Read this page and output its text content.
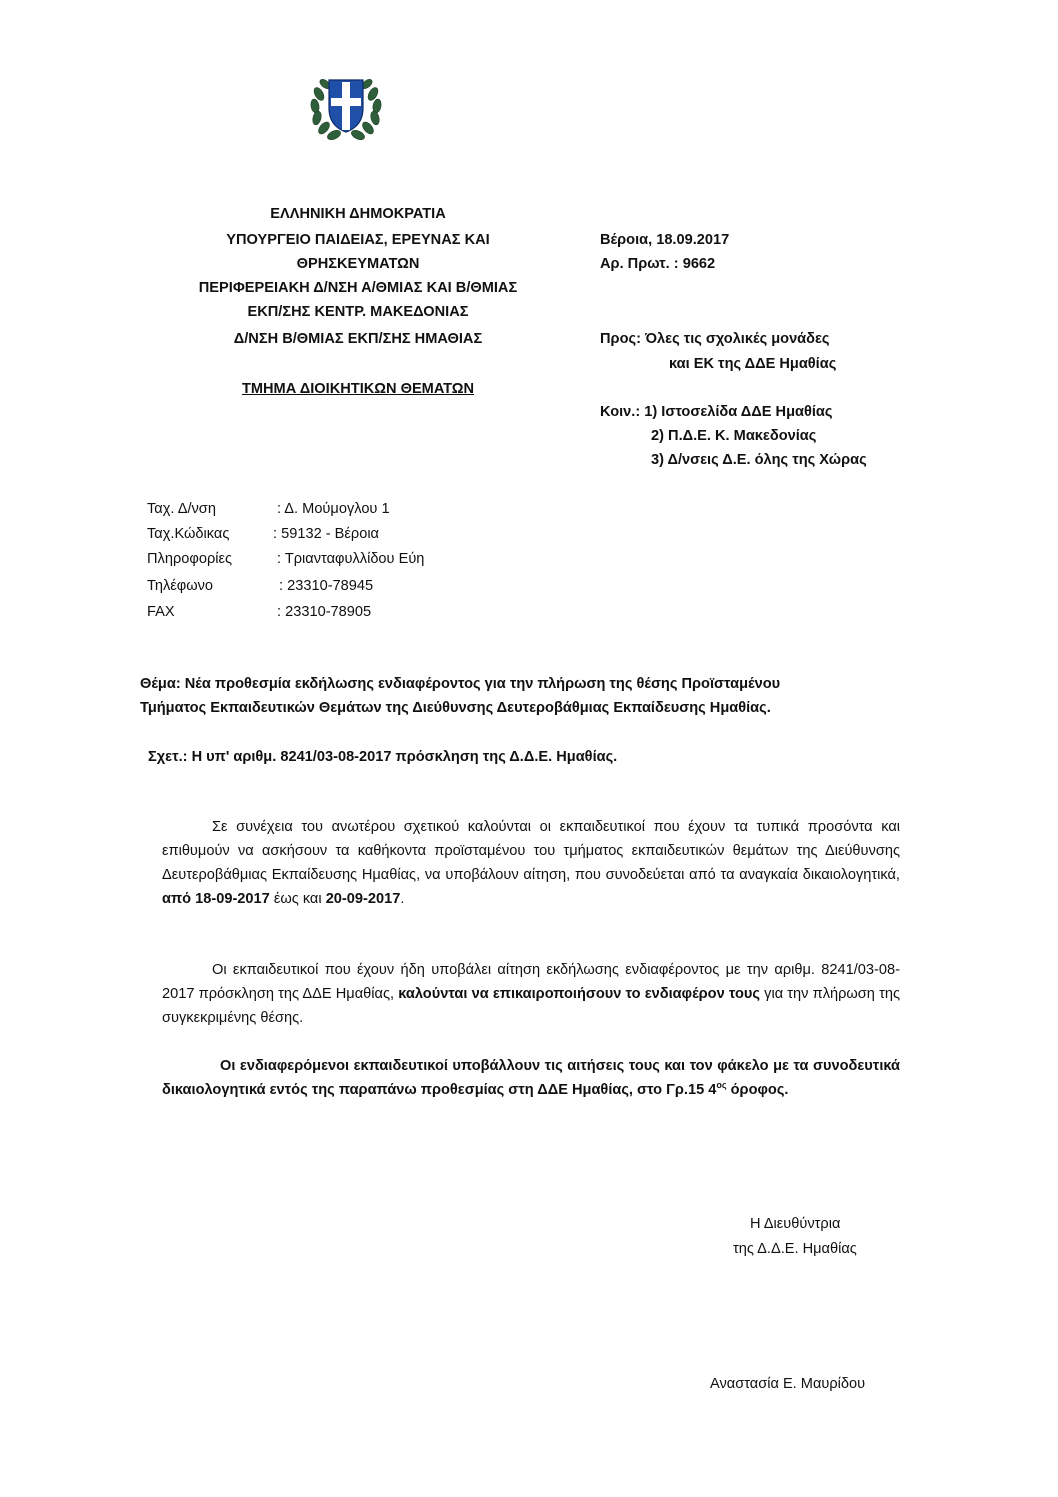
ΕΛΛΗΝΙΚΗ ΔΗΜΟΚΡΑΤΙΑ
ΥΠΟΥΡΓΕΙΟ ΠΑΙΔΕΙΑΣ, ΕΡΕΥΝΑΣ ΚΑΙ
ΘΡΗΣΚΕΥΜΑΤΩΝ
ΠΕΡΙΦΕΡΕΙΑΚΗ Δ/ΝΣΗ Α/ΘΜΙΑΣ ΚΑΙ Β/ΘΜΙΑΣ
ΕΚΠ/ΣΗΣ ΚΕΝΤΡ. ΜΑΚΕΔΟΝΙΑΣ
Δ/ΝΣΗ Β/ΘΜΙΑΣ ΕΚΠ/ΣΗΣ ΗΜΑΘΙΑΣ
ΤΜΗΜΑ ΔΙΟΙΚΗΤΙΚΩΝ ΘΕΜΑΤΩΝ
Βέροια, 18.09.2017
Αρ. Πρωτ. : 9662
Προς: Όλες τις σχολικές μονάδες
και ΕΚ της ΔΔΕ Ημαθίας
Κοιν.: 1) Ιστοσελίδα ΔΔΕ Ημαθίας
2) Π.Δ.Ε. Κ. Μακεδονίας
3) Δ/νσεις Δ.Ε. όλης της Χώρας
Ταχ. Δ/νση	: Δ. Μούμογλου 1
Ταχ.Κώδικας	: 59132 - Βέροια
Πληροφορίες	: Τριανταφυλλίδου Εύη
Τηλέφωνο	: 23310-78945
FAX	: 23310-78905
Θέμα: Νέα προθεσμία εκδήλωσης ενδιαφέροντος για την πλήρωση της θέσης Προϊσταμένου
Τμήματος Εκπαιδευτικών Θεμάτων της Διεύθυνσης Δευτεροβάθμιας Εκπαίδευσης Ημαθίας.
Σχετ.: Η υπ' αριθμ. 8241/03-08-2017 πρόσκληση της Δ.Δ.Ε. Ημαθίας.
Σε συνέχεια του ανωτέρου σχετικού καλούνται οι εκπαιδευτικοί που έχουν τα τυπικά προσόντα και επιθυμούν να ασκήσουν τα καθήκοντα προϊσταμένου του τμήματος εκπαιδευτικών θεμάτων της Διεύθυνσης Δευτεροβάθμιας Εκπαίδευσης Ημαθίας, να υποβάλουν αίτηση, που συνοδεύεται από τα αναγκαία δικαιολογητικά, από 18-09-2017 έως και 20-09-2017.
Οι εκπαιδευτικοί που έχουν ήδη υποβάλει αίτηση εκδήλωσης ενδιαφέροντος με την αριθμ. 8241/03-08-2017 πρόσκληση της ΔΔΕ Ημαθίας, καλούνται να επικαιροποιήσουν το ενδιαφέρον τους για την πλήρωση της συγκεκριμένης θέσης.
Οι ενδιαφερόμενοι εκπαιδευτικοί υποβάλλουν τις αιτήσεις τους και τον φάκελο με τα συνοδευτικά δικαιολογητικά εντός της παραπάνω προθεσμίας στη ΔΔΕ Ημαθίας, στο Γρ.15 $4^{o\varsigma}$ όροφος.
Η Διευθύντρια
της Δ.Δ.Ε. Ημαθίας
Αναστασία Ε. Μαυρίδου
